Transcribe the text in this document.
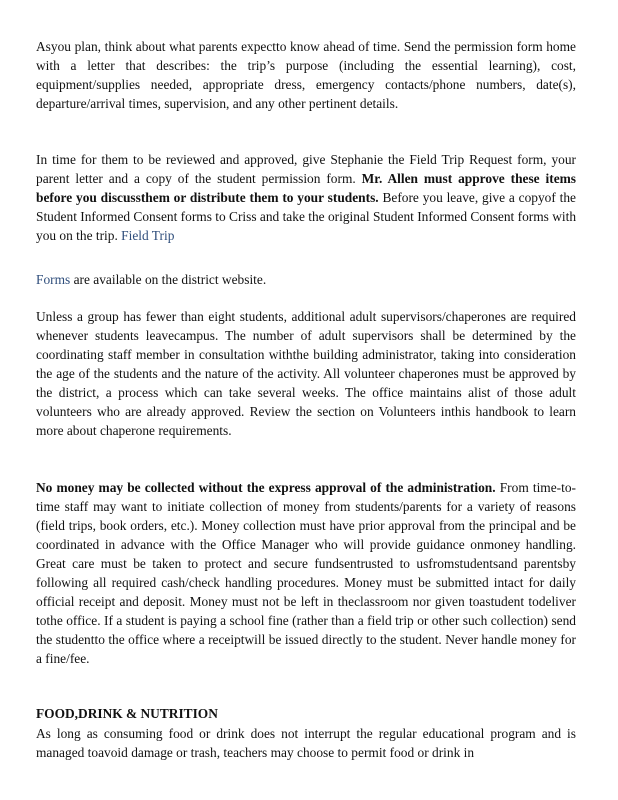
Asyou plan, think about what parents expectto know ahead of time. Send the permission form home with a letter that describes: the trip’s purpose (including the essential learning), cost, equipment/supplies needed, appropriate dress, emergency contacts/phone numbers, date(s), departure/arrival times, supervision, and any other pertinent details.

In time for them to be reviewed and approved, give Stephanie the Field Trip Request form, your parent letter and a copy of the student permission form. Mr. Allen must approve these items before you discussthem or distribute them to your students. Before you leave, give a copyof the Student Informed Consent forms to Criss and take the original Student Informed Consent forms with you on the trip. Field Trip

Forms are available on the district website.

Unless a group has fewer than eight students, additional adult supervisors/chaperones are required whenever students leavecampus. The number of adult supervisors shall be determined by the coordinating staff member in consultation withthe building administrator, taking into consideration the age of the students and the nature of the activity. All volunteer chaperones must be approved by the district, a process which can take several weeks. The office maintains alist of those adult volunteers who are already approved. Review the section on Volunteers inthis handbook to learn more about chaperone requirements.

No money may be collected without the express approval of the administration. From time-to-time staff may want to initiate collection of money from students/parents for a variety of reasons (field trips, book orders, etc.). Money collection must have prior approval from the principal and be coordinated in advance with the Office Manager who will provide guidance onmoney handling. Great care must be taken to protect and secure fundsentrusted to usfromstudentsand parentsby following all required cash/check handling procedures. Money must be submitted intact for daily official receipt and deposit. Money must not be left in theclassroom nor given toastudent todeliver tothe office. If a student is paying a school fine (rather than a field trip or other such collection) send the studentto the office where a receiptwill be issued directly to the student. Never handle money for a fine/fee.

FOOD,DRINK & NUTRITION

As long as consuming food or drink does not interrupt the regular educational program and is managed toavoid damage or trash, teachers may choose to permit food or drink in
